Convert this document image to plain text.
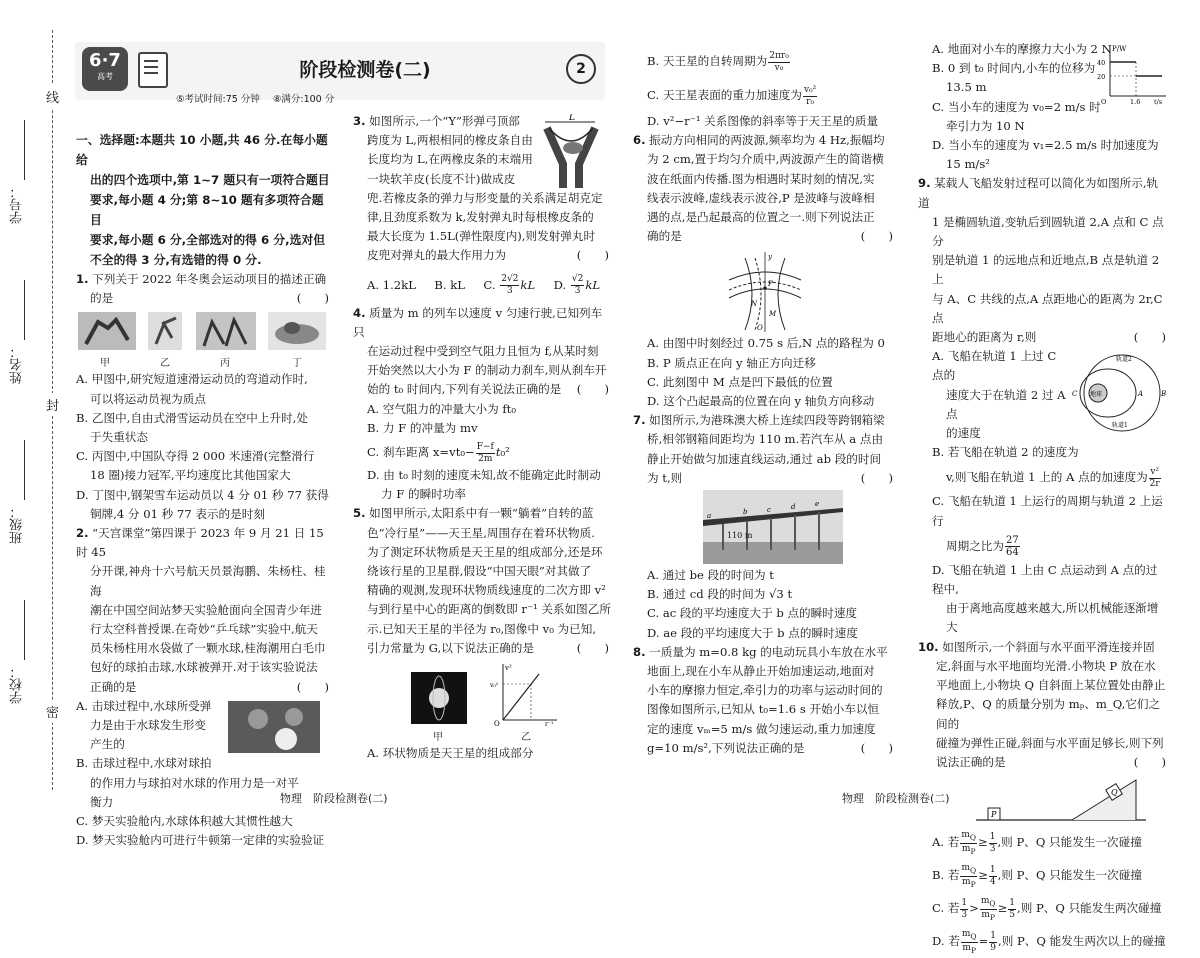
线
封
密
学号：
姓名：
班级：
学校：
6·7
高考	阶段检测卷(二)	2
⑤考试时间:75 分钟 ⑧满分:100 分

一、选择题:本题共 10 小题,共 46 分.在每小题给

出的四个选项中,第 1~7 题只有一项符合题目

要求,每小题 4 分;第 8~10 题有多项符合题目

要求,每小题 6 分,全部选对的得 6 分,选对但

不全的得 3 分,有选错的得 0 分.

1. 下列关于 2022 年冬奥会运动项目的描述正确

的是	(　　)

甲	乙	丙	丁

A. 甲图中,研究短道速滑运动员的弯道动作时,

可以将运动员视为质点

B. 乙图中,自由式滑雪运动员在空中上升时,处

于失重状态

C. 丙图中,中国队夺得 2 000 米速滑(完整滑行

18 圈)接力冠军,平均速度比其他国家大

D. 丁图中,钢架雪车运动员以 4 分 01 秒 77 获得

铜牌,4 分 01 秒 77 表示的是时刻

2. “天宫课堂”第四课于 2023 年 9 月 21 日 15 时 45

分开课,神舟十六号航天员景海鹏、朱杨柱、桂海

潮在中国空间站梦天实验舱面向全国青少年进

行太空科普授课.在奇妙“乒乓球”实验中,航天

员朱杨柱用水袋做了一颗水球,桂海潮用白毛巾

包好的球拍击球,水球被弹开.对于该实验说法

正确的是	(　　)

A. 击球过程中,水球所受弹

力是由于水球发生形变

产生的

B. 击球过程中,水球对球拍

的作用力与球拍对水球的作用力是一对平

衡力

C. 梦天实验舱内,水球体积越大其惯性越大

D. 梦天实验舱内可进行牛顿第一定律的实验验证

L

3. 如图所示,一个“Y”形弹弓顶部

跨度为 L,两根相同的橡皮条自由

长度均为 L,在两橡皮条的末端用

一块软羊皮(长度不计)做成皮

兜.若橡皮条的弹力与形变量的关系满足胡克定

律,且劲度系数为 k,发射弹丸时每根橡皮条的

最大长度为 1.5L(弹性限度内),则发射弹丸时

皮兜对弹丸的最大作用力为	(　　)

A. 1.2kL B. kL C. $\frac{2√2}{3}$ kL D. $\frac{√2}{3}$ kL

4. 质量为 m 的列车以速度 v 匀速行驶,已知列车只

在运动过程中受到空气阻力且恒为 f,从某时刻

开始突然以大小为 F 的制动力刹车,则从刹车开

始的 t₀ 时间内,下列有关说法正确的是 (　　)

A. 空气阻力的冲量大小为 ft₀

B. 力 F 的冲量为 mv

C. 刹车距离 $x=vt_0- \frac{F-f}{2m} t_0^2$

D. 由 t₀ 时刻的速度未知,故不能确定此时制动

力 F 的瞬时功率

5. 如图甲所示,太阳系中有一颗“躺着”自转的蓝

色“冷行星”——天王星,周围存在着环状物质.

为了测定环状物质是天王星的组成部分,还是环

绕该行星的卫星群,假设“中国天眼”对其做了

精确的观测,发现环状物质线速度的二次方即 v²

与到行星中心的距离的倒数即 r⁻¹ 关系如图乙所

示.已知天王星的半径为 r₀,图像中 v₀ 为已知,

引力常量为 G,以下说法正确的是	(　　)

v²
v₀²
O	r⁻¹
甲	乙

A. 环状物质是天王星的组成部分

B. 天王星的自转周期为 $\frac{\text{2πr₀}}{\text{v₀}}$

C. 天王星表面的重力加速度为 $\frac{\text{v₀²}}{\text{r₀}}$

D. v²−r⁻¹ 关系图像的斜率等于天王星的质量

6. 振动方向相同的两波源,频率均为 4 Hz,振幅均

为 2 cm,置于均匀介质中,两波源产生的简谐横

波在纸面内传播.图为相遇时某时刻的情况,实

线表示波峰,虚线表示波谷,P 是波峰与波峰相

遇的点,是凸起最高的位置之一.则下列说法正

确的是	(　　)

y
P
N
M
O

A. 由图中时刻经过 0.75 s 后,N 点的路程为 0

B. P 质点正在向 y 轴正方向迁移

C. 此刻图中 M 点是凹下最低的位置

D. 这个凸起最高的位置在向 y 轴负方向移动

7. 如图所示,为港珠澳大桥上连续四段等跨钢箱梁

桥,相邻钢箱间距均为 110 m.若汽车从 a 点由

静止开始做匀加速直线运动,通过 ab 段的时间

为 t,则	(　　)

110 m
a	b	c	d	e

A. 通过 be 段的时间为 t

B. 通过 cd 段的时间为 √3 t

C. ac 段的平均速度大于 b 点的瞬时速度

D. ae 段的平均速度大于 b 点的瞬时速度

8. 一质量为 m=0.8 kg 的电动玩具小车放在水平

地面上,现在小车从静止开始加速运动,地面对

小车的摩擦力恒定,牵引力的功率与运动时间的

图像如图所示,已知从 t₀=1.6 s 开始小车以恒

定的速度 vₘ=5 m/s 做匀速运动,重力加速度

g=10 m/s²,下列说法正确的是	(　　)

P/W
40
20
O	1.6 t/s

A. 地面对小车的摩擦力大小为 2 N

B. 0 到 t₀ 时间内,小车的位移为

13.5 m

C. 当小车的速度为 v₀=2 m/s 时

牵引力为 10 N

D. 当小车的速度为 v₁=2.5 m/s 时加速度为

15 m/s²

9. 某载人飞船发射过程可以简化为如图所示,轨道

1 是椭圆轨道,变轨后到圆轨道 2,A 点和 C 点分

别是轨道 1 的远地点和近地点,B 点是轨道 2 上

与 A、C 共线的点,A 点距地心的距离为 2r,C 点

距地心的距离为 r,则	(　　)

地球
轨道2
轨道1
A	B
C

A. 飞船在轨道 1 上过 C 点的

速度大于在轨道 2 过 A 点

的速度

B. 若飞船在轨道 2 的速度为

v,则飞船在轨道 1 上的 A 点的加速度为 $\frac{\text{v²}}{2r}$

C. 飞船在轨道 1 上运行的周期与轨道 2 上运行

周期之比为 $\frac{27}{64}$

D. 飞船在轨道 1 上由 C 点运动到 A 点的过程中,

由于离地高度越来越大,所以机械能逐渐增大

10. 如图所示,一个斜面与水平面平滑连接并固

定,斜面与水平地面均光滑.小物块 P 放在水

平地面上,小物块 Q 自斜面上某位置处由静止

释放,P、Q 的质量分别为 mₚ、m_Q,它们之间的

碰撞为弹性正碰,斜面与水平面足够长,则下列

说法正确的是	(　　)

P
Q

A. 若 $\frac{m_Q}{m_P} \ge \frac{1}{3}$ ,则 P、Q 只能发生一次碰撞

B. 若 $\frac{m_Q}{m_P} \ge \frac{1}{4}$ ,则 P、Q 只能发生一次碰撞

C. 若 $\frac{1}{3} > \frac{m_Q}{m_P} \ge \frac{1}{5}$ ,则 P、Q 只能发生两次碰撞

D. 若 $\frac{m_Q}{m_P} = \frac{1}{9}$ ,则 P、Q 能发生两次以上的碰撞

物理　阶段检测卷(二)	物理　阶段检测卷(二)
